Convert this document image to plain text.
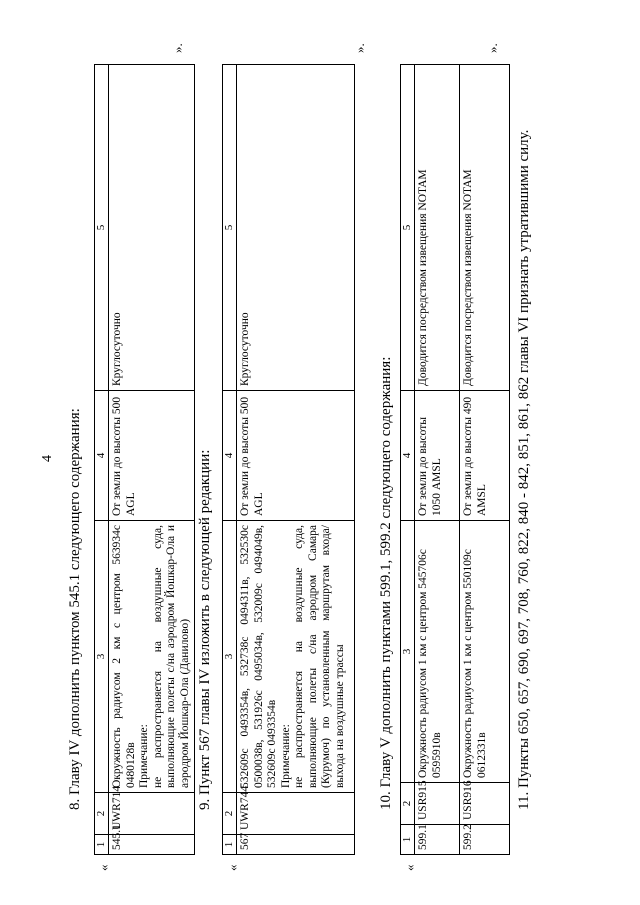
4 8. Главу IV дополнить пунктом 545.1 следующего содержания:
«
1	2	3	4	5
545.1	UWR714	Окружность радиусом 2 км с центром 563934с 0480128в Примечание: не распространяется на воздушные суда, выполняющие полеты с/на аэродром Йошкар-Ола и аэродром Йошкар-Ола (Данилово)	От земли до высоты 500 AGL	Круглосуточно
».
9. Пункт 567 главы IV изложить в следующей редакции:
«
1	2	3	4	5
567	UWR744	532609с 0493354в, 532738с 0494311в, 532530с 0500038в, 531926с 0495034в, 532009с 0494049в, 532609с 0493354в Примечание: не распространяется на воздушные суда, выполняющие полеты с/на аэродром Самара (Курумоч) по установленным маршрутам входа/выхода на воздушные трассы	От земли до высоты 500 AGL	Круглосуточно
».
10. Главу V дополнить пунктами 599.1, 599.2 следующего содержания:
«
1	2	3	4	5
599.1	USR915	Окружность радиусом 1 км с центром 545706с 0595910в	От земли до высоты 1050 AMSL	Доводится посредством извещения NOTAM
599.2	USR916	Окружность радиусом 1 км с центром 550109с 0612331в	От земли до высоты 490 AMSL	Доводится посредством извещения NOTAM
».
11. Пункты 650, 657, 690, 697, 708, 760, 822, 840 - 842, 851, 861, 862 главы VI признать утратившими силу.
